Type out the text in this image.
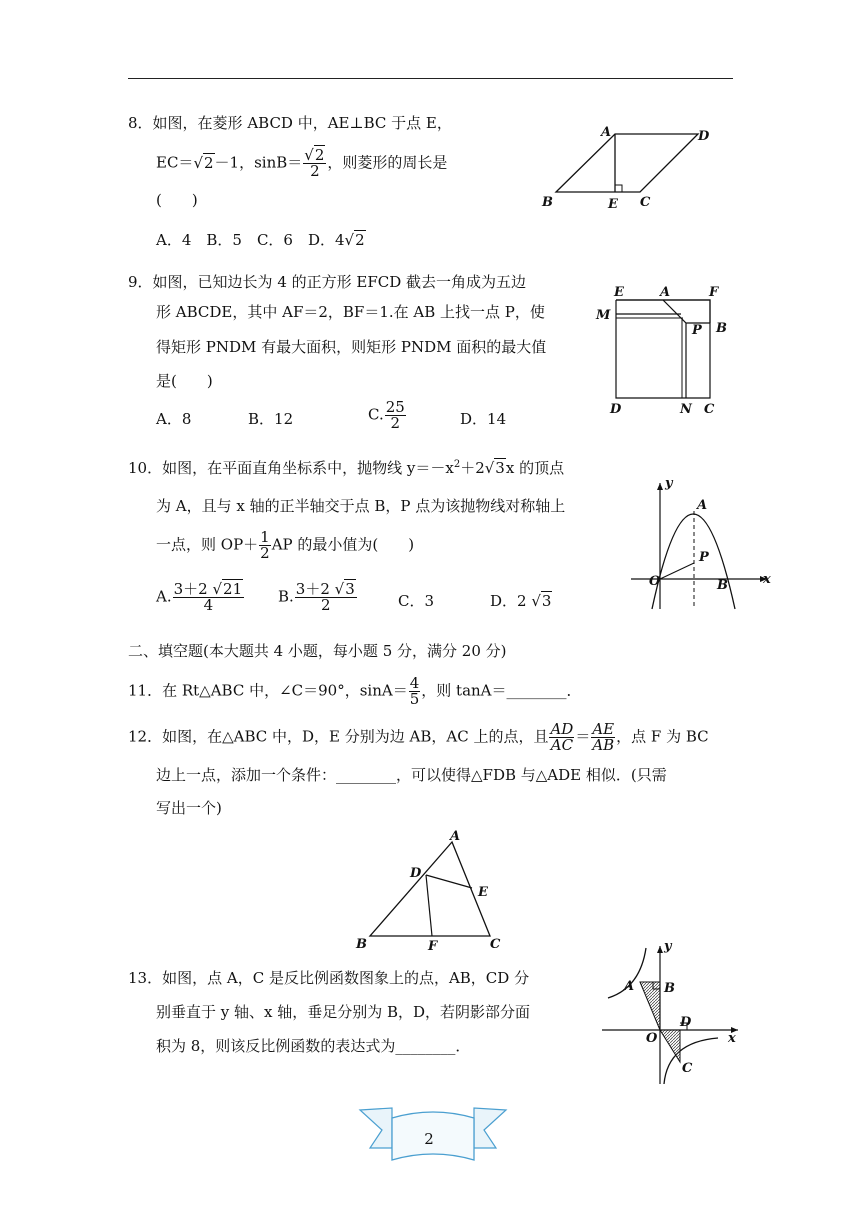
8．如图，在菱形 ABCD 中，AE⊥BC 于点 E，
EC＝√2－1，$\sin B= \frac{√2}{2}$ ，则菱形的周长是
(　　)
A．4　B．5　C．6　D．4√2
A	D
B	E C
9．如图，已知边长为 4 的正方形 EFCD 截去一角成为五边
形 ABCDE，其中 AF＝2，BF＝1.在 AB 上找一点 P，使
得矩形 PNDM 有最大面积，则矩形 PNDM 面积的最大值
是(　　)
A．8	B．12	C. $\frac{25}{2}$	D．14
E	A	F
M
P B
D	N C
10．如图，在平面直角坐标系中，抛物线 $y=-x^2+2√3x$ 的顶点
为 A，且与 x 轴的正半轴交于点 B，P 点为该抛物线对称轴上
一点，则 $OP+ \frac{1}{2}$ AP 的最小值为(　　)
A. $\frac{3+2 √21}{4} B$. $\frac{3+2 √3}{2}$	C．3	D．2 √3
y
A
P
O	B	x
二、填空题(本大题共 4 小题，每小题 5 分，满分 20 分)
11．在 Rt△ABC 中，∠C＝90°，$\sin A= \frac{4}{5}$ ，则 tanA＝________．
12．如图，在△ABC 中，D，E 分别为边 AB，AC 上的点，且 $\frac{AD}{AC} = \frac{AE}{AB}$ ，点 F 为 BC
边上一点，添加一个条件：________，可以使得△FDB 与△ADE 相似．(只需
写出一个)
A
D
E
B	F	C
13．如图，点 A，C 是反比例函数图象上的点，AB，CD 分
别垂直于 y 轴、x 轴，垂足分别为 B，D，若阴影部分面
积为 8，则该反比例函数的表达式为________．
y
A B
D
O	x
C
2
